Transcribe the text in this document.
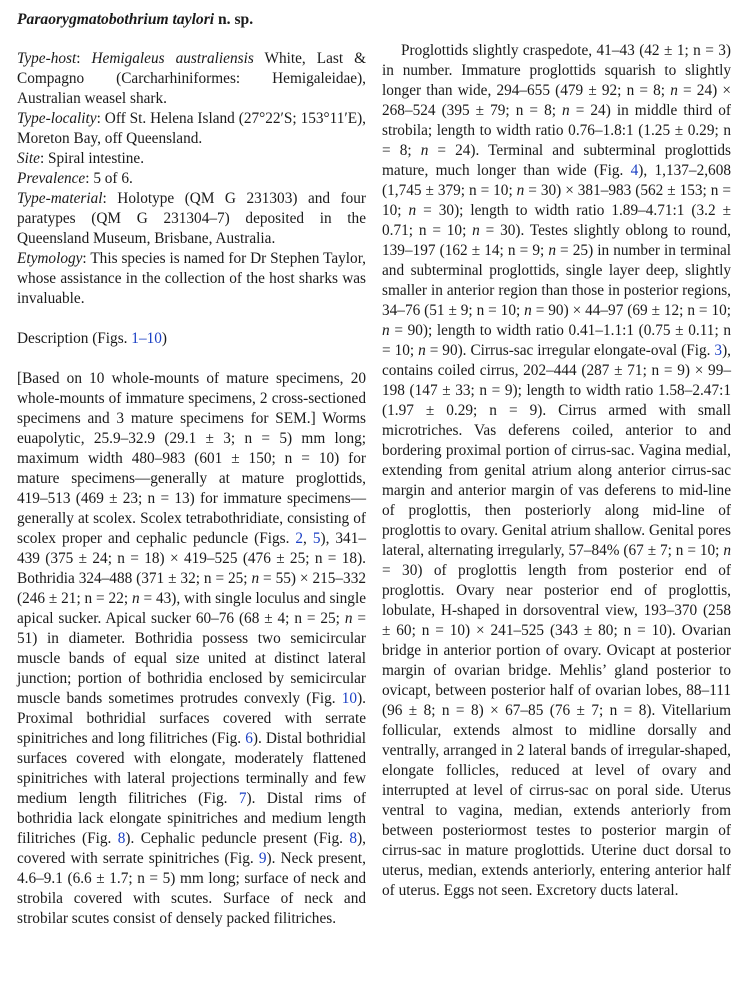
Paraorygmatobothrium taylori n. sp.

Type-host: Hemigaleus australiensis White, Last & Compagno (Carcharhiniformes: Hemigaleidae), Australian weasel shark.

Type-locality: Off St. Helena Island (27°22′S; 153°11′E), Moreton Bay, off Queensland.

Site: Spiral intestine.

Prevalence: 5 of 6.

Type-material: Holotype (QM G 231303) and four paratypes (QM G 231304–7) deposited in the Queensland Museum, Brisbane, Australia.

Etymology: This species is named for Dr Stephen Taylor, whose assistance in the collection of the host sharks was invaluable.

Description (Figs. 1–10)

[Based on 10 whole-mounts of mature specimens, 20 whole-mounts of immature specimens, 2 cross-sectioned specimens and 3 mature specimens for SEM.] Worms euapolytic, 25.9–32.9 (29.1 ± 3; n = 5) mm long; maximum width 480–983 (601 ± 150; n = 10) for mature specimens—generally at mature proglottids, 419–513 (469 ± 23; n = 13) for immature specimens—generally at scolex. Scolex tetrabothridiate, consisting of scolex proper and cephalic peduncle (Figs. 2, 5), 341–439 (375 ± 24; n = 18) × 419–525 (476 ± 25; n = 18). Bothridia 324–488 (371 ± 32; n = 25; n = 55) × 215–332 (246 ± 21; n = 22; n = 43), with single loculus and single apical sucker. Apical sucker 60–76 (68 ± 4; n = 25; n = 51) in diameter. Bothridia possess two semicircular muscle bands of equal size united at distinct lateral junction; portion of bothridia enclosed by semicircular muscle bands sometimes protrudes convexly (Fig. 10). Proximal bothridial surfaces covered with serrate spinitriches and long filitriches (Fig. 6). Distal bothridial surfaces covered with elongate, moderately flattened spinitriches with lateral projections terminally and few medium length filitriches (Fig. 7). Distal rims of bothridia lack elongate spinitriches and medium length filitriches (Fig. 8). Cephalic peduncle present (Fig. 8), covered with serrate spinitriches (Fig. 9). Neck present, 4.6–9.1 (6.6 ± 1.7; n = 5) mm long; surface of neck and strobila covered with scutes. Surface of neck and strobilar scutes consist of densely packed filitriches.

Proglottids slightly craspedote, 41–43 (42 ± 1; n = 3) in number. Immature proglottids squarish to slightly longer than wide, 294–655 (479 ± 92; n = 8; n = 24) × 268–524 (395 ± 79; n = 8; n = 24) in middle third of strobila; length to width ratio 0.76–1.8:1 (1.25 ± 0.29; n = 8; n = 24). Terminal and subterminal proglottids mature, much longer than wide (Fig. 4), 1,137–2,608 (1,745 ± 379; n = 10; n = 30) × 381–983 (562 ± 153; n = 10; n = 30); length to width ratio 1.89–4.71:1 (3.2 ± 0.71; n = 10; n = 30). Testes slightly oblong to round, 139–197 (162 ± 14; n = 9; n = 25) in number in terminal and subterminal proglottids, single layer deep, slightly smaller in anterior region than those in posterior regions, 34–76 (51 ± 9; n = 10; n = 90) × 44–97 (69 ± 12; n = 10; n = 90); length to width ratio 0.41–1.1:1 (0.75 ± 0.11; n = 10; n = 90). Cirrus-sac irregular elongate-oval (Fig. 3), contains coiled cirrus, 202–444 (287 ± 71; n = 9) × 99–198 (147 ± 33; n = 9); length to width ratio 1.58–2.47:1 (1.97 ± 0.29; n = 9). Cirrus armed with small microtriches. Vas deferens coiled, anterior to and bordering proximal portion of cirrus-sac. Vagina medial, extending from genital atrium along anterior cirrus-sac margin and anterior margin of vas deferens to mid-line of proglottis, then posteriorly along mid-line of proglottis to ovary. Genital atrium shallow. Genital pores lateral, alternating irregularly, 57–84% (67 ± 7; n = 10; n = 30) of proglottis length from posterior end of proglottis. Ovary near posterior end of proglottis, lobulate, H-shaped in dorsoventral view, 193–370 (258 ± 60; n = 10) × 241–525 (343 ± 80; n = 10). Ovarian bridge in anterior portion of ovary. Ovicapt at posterior margin of ovarian bridge. Mehlis’ gland posterior to ovicapt, between posterior half of ovarian lobes, 88–111 (96 ± 8; n = 8) × 67–85 (76 ± 7; n = 8). Vitellarium follicular, extends almost to midline dorsally and ventrally, arranged in 2 lateral bands of irregular-shaped, elongate follicles, reduced at level of ovary and interrupted at level of cirrus-sac on poral side. Uterus ventral to vagina, median, extends anteriorly from between posteriormost testes to posterior margin of cirrus-sac in mature proglottids. Uterine duct dorsal to uterus, median, extends anteriorly, entering anterior half of uterus. Eggs not seen. Excretory ducts lateral.
